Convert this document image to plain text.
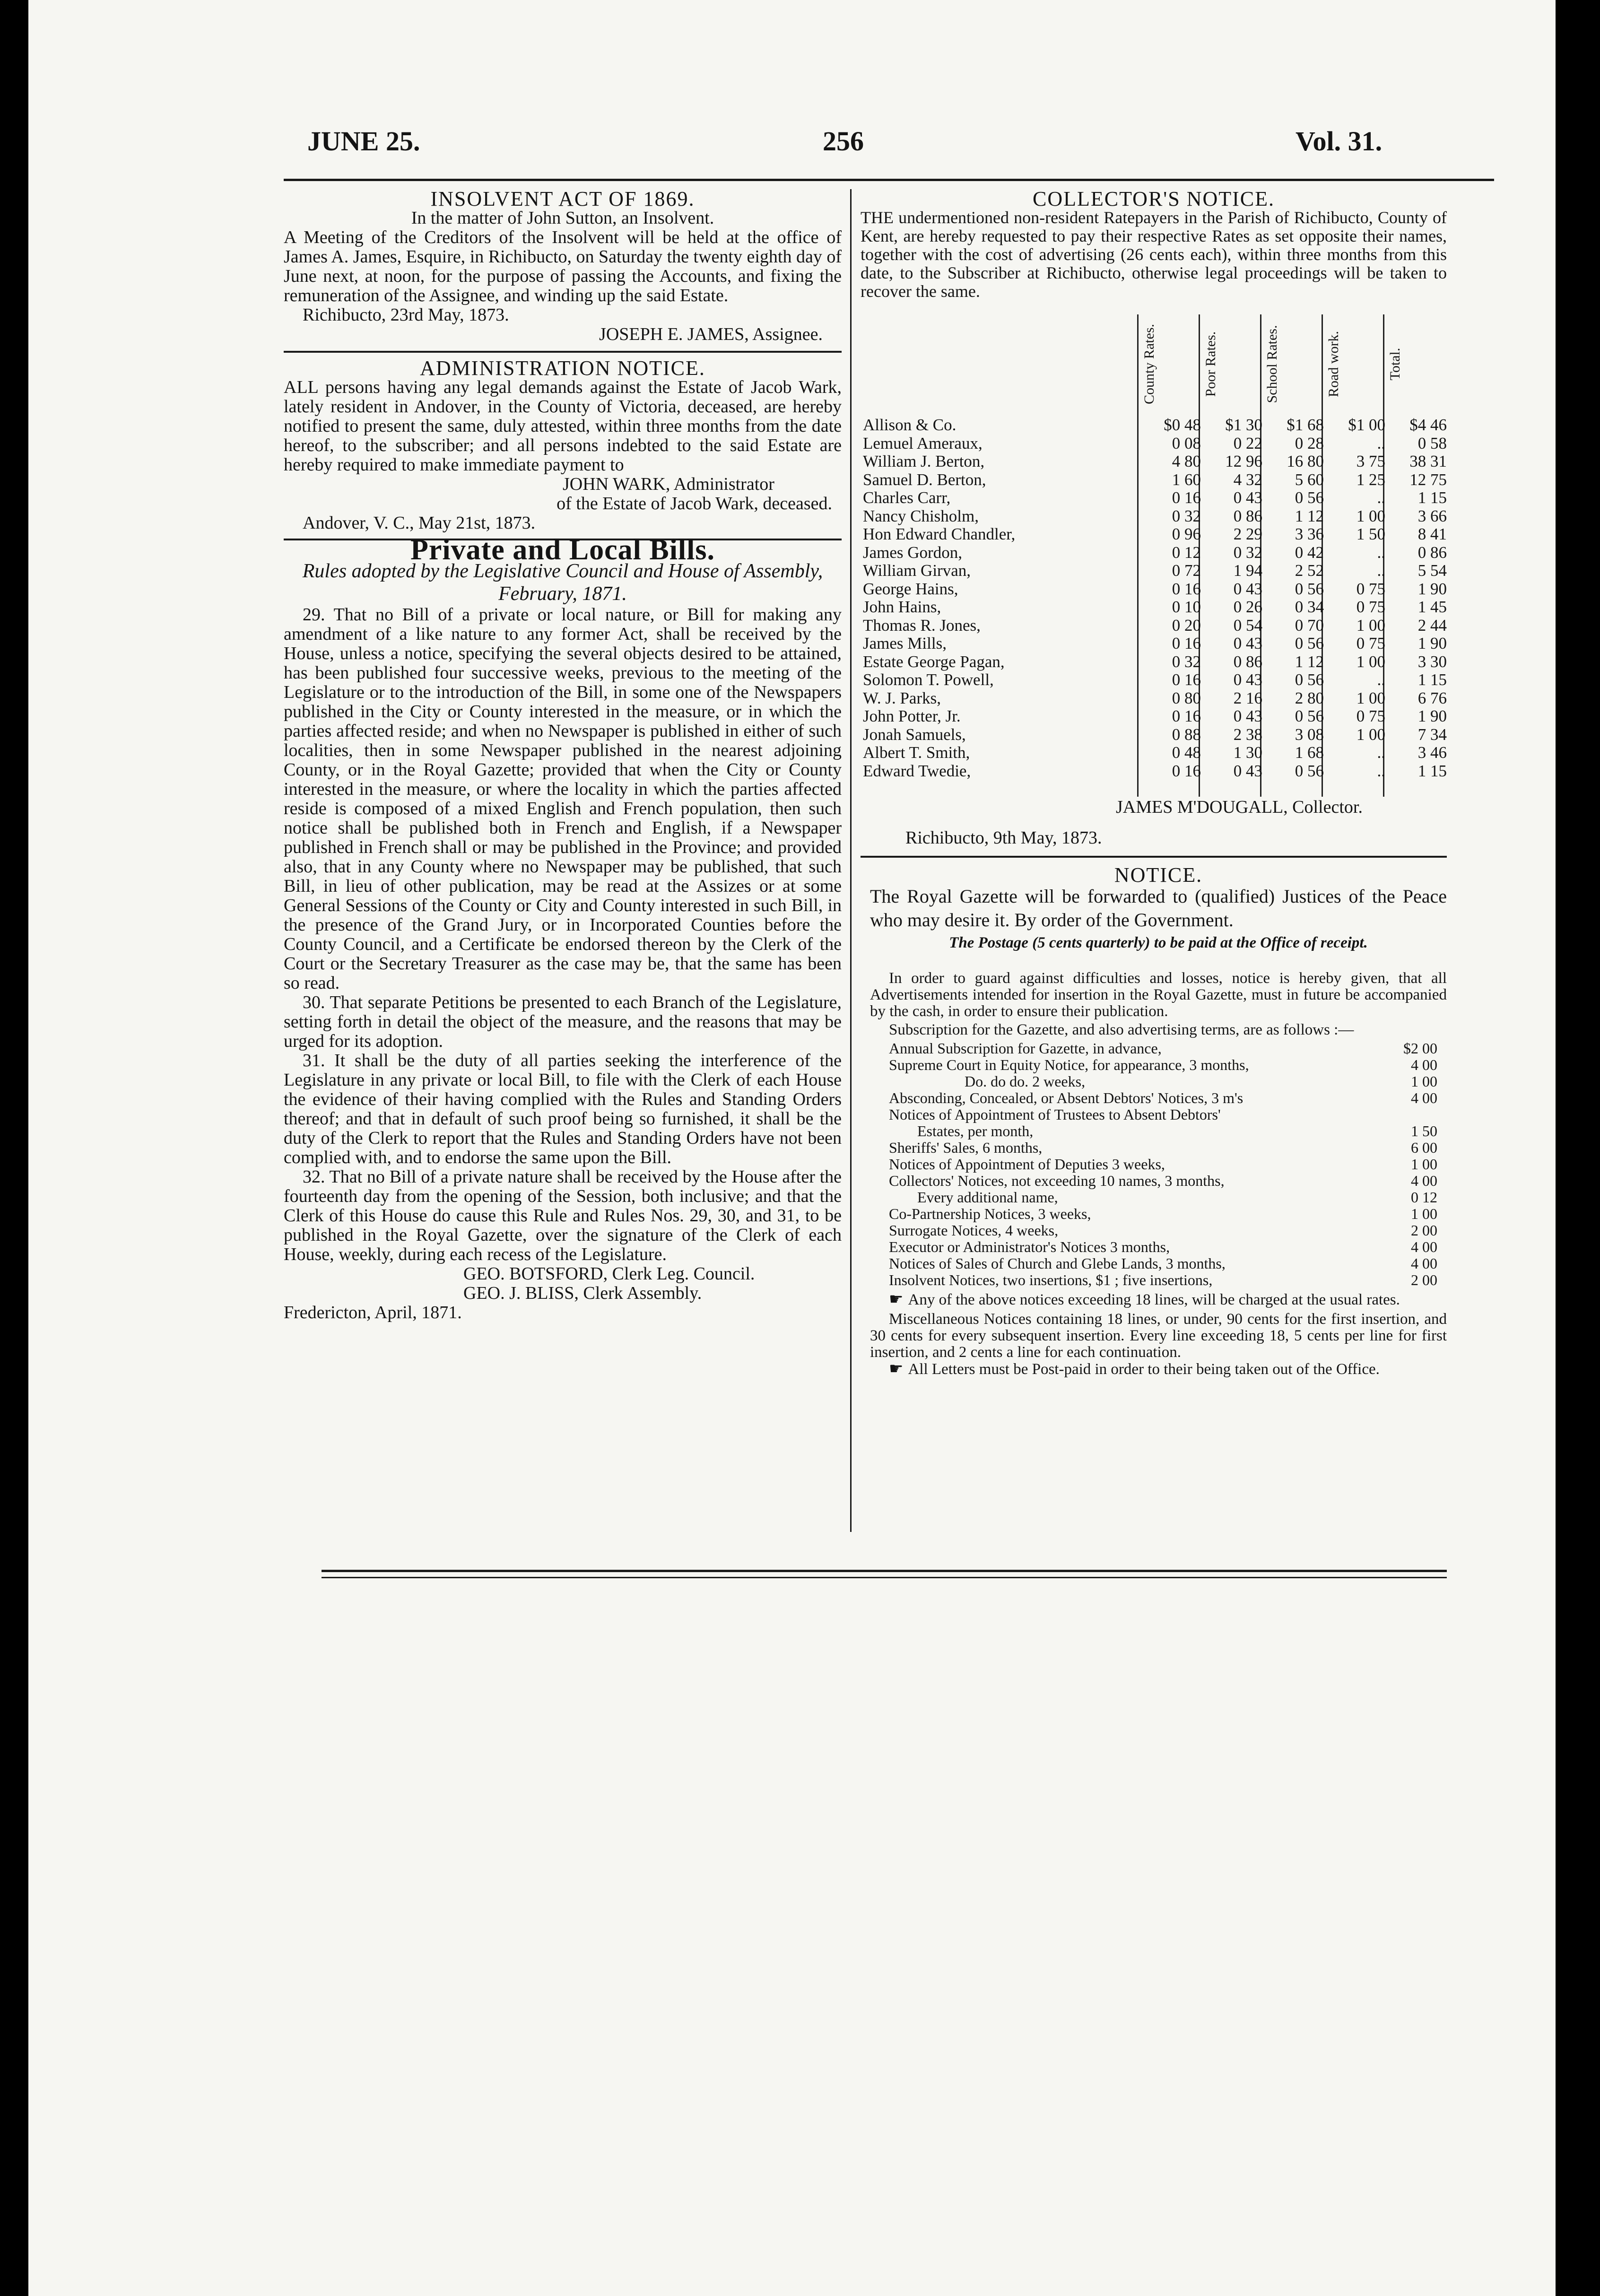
JUNE 25.	256	Vol. 31.

INSOLVENT ACT OF 1869.

In the matter of John Sutton, an Insolvent.

A Meeting of the Creditors of the Insolvent will be held at the office of James A. James, Esquire, in Richibucto, on Saturday the twenty eighth day of June next, at noon, for the purpose of passing the Accounts, and fixing the remuneration of the Assignee, and winding up the said Estate.

Richibucto, 23rd May, 1873.

JOSEPH E. JAMES, Assignee.

ADMINISTRATION NOTICE.

ALL persons having any legal demands against the Estate of Jacob Wark, lately resident in Andover, in the County of Victoria, deceased, are hereby notified to present the same, duly attested, within three months from the date hereof, to the subscriber; and all persons indebted to the said Estate are hereby required to make immediate payment to

JOHN WARK, Administrator

of the Estate of Jacob Wark, deceased.

Andover, V. C., May 21st, 1873.

Private and Local Bills.

Rules adopted by the Legislative Council and House of Assembly, February, 1871.

29. That no Bill of a private or local nature, or Bill for making any amendment of a like nature to any former Act, shall be received by the House, unless a notice, specifying the several objects desired to be attained, has been published four successive weeks, previous to the meeting of the Legislature or to the introduction of the Bill, in some one of the Newspapers published in the City or County interested in the measure, or in which the parties affected reside; and when no Newspaper is published in either of such localities, then in some Newspaper published in the nearest adjoining County, or in the Royal Gazette; provided that when the City or County interested in the measure, or where the locality in which the parties affected reside is composed of a mixed English and French population, then such notice shall be published both in French and English, if a Newspaper published in French shall or may be published in the Province; and provided also, that in any County where no Newspaper may be published, that such Bill, in lieu of other publication, may be read at the Assizes or at some General Sessions of the County or City and County interested in such Bill, in the presence of the Grand Jury, or in Incorporated Counties before the County Council, and a Certificate be endorsed thereon by the Clerk of the Court or the Secretary Treasurer as the case may be, that the same has been so read.

30. That separate Petitions be presented to each Branch of the Legislature, setting forth in detail the object of the measure, and the reasons that may be urged for its adoption.

31. It shall be the duty of all parties seeking the interference of the Legislature in any private or local Bill, to file with the Clerk of each House the evidence of their having complied with the Rules and Standing Orders thereof; and that in default of such proof being so furnished, it shall be the duty of the Clerk to report that the Rules and Standing Orders have not been complied with, and to endorse the same upon the Bill.

32. That no Bill of a private nature shall be received by the House after the fourteenth day from the opening of the Session, both inclusive; and that the Clerk of this House do cause this Rule and Rules Nos. 29, 30, and 31, to be published in the Royal Gazette, over the signature of the Clerk of each House, weekly, during each recess of the Legislature.

GEO. BOTSFORD, Clerk Leg. Council.

GEO. J. BLISS, Clerk Assembly.

Fredericton, April, 1871.

COLLECTOR'S NOTICE.

THE undermentioned non-resident Ratepayers in the Parish of Richibucto, County of Kent, are hereby requested to pay their respective Rates as set opposite their names, together with the cost of advertising (26 cents each), within three months from this date, to the Subscriber at Richibucto, otherwise legal proceedings will be taken to recover the same.

County Rates.	Poor Rates.	School Rates.	Road work.	Total.
Allison & Co.	$0 48	$1 30	$1 68	$1 00	$4 46
Lemuel Ameraux,	0 08	0 22	0 28	..	0 58
William J. Berton,	4 80	12 96	16 80	3 75	38 31
Samuel D. Berton,	1 60	4 32	5 60	1 25	12 75
Charles Carr,	0 16	0 43	0 56	..	1 15
Nancy Chisholm,	0 32	0 86	1 12	1 00	3 66
Hon Edward Chandler,	0 96	2 29	3 36	1 50	8 41
James Gordon,	0 12	0 32	0 42	..	0 86
William Girvan,	0 72	1 94	2 52	..	5 54
George Hains,	0 16	0 43	0 56	0 75	1 90
John Hains,	0 10	0 26	0 34	0 75	1 45
Thomas R. Jones,	0 20	0 54	0 70	1 00	2 44
James Mills,	0 16	0 43	0 56	0 75	1 90
Estate George Pagan,	0 32	0 86	1 12	1 00	3 30
Solomon T. Powell,	0 16	0 43	0 56	..	1 15
W. J. Parks,	0 80	2 16	2 80	1 00	6 76
John Potter, Jr.	0 16	0 43	0 56	0 75	1 90
Jonah Samuels,	0 88	2 38	3 08	1 00	7 34
Albert T. Smith,	0 48	1 30	1 68	..	3 46
Edward Twedie,	0 16	0 43	0 56	..	1 15
JAMES M'DOUGALL, Collector.
Richibucto, 9th May, 1873.

NOTICE.

The Royal Gazette will be forwarded to (qualified) Justices of the Peace who may desire it. By order of the Government.

The Postage (5 cents quarterly) to be paid at the Office of receipt.

In order to guard against difficulties and losses, notice is hereby given, that all Advertisements intended for insertion in the Royal Gazette, must in future be accompanied by the cash, in order to ensure their publication.

Subscription for the Gazette, and also advertising terms, are as follows :—

Annual Subscription for Gazette, in advance,	$2 00
Supreme Court in Equity Notice, for appearance, 3 months,	4 00
Do. do do. 2 weeks,	1 00
Absconding, Concealed, or Absent Debtors' Notices, 3 m's	4 00
Notices of Appointment of Trustees to Absent Debtors'
Estates, per month,	1 50
Sheriffs' Sales, 6 months,	6 00
Notices of Appointment of Deputies 3 weeks,	1 00
Collectors' Notices, not exceeding 10 names, 3 months,	4 00
Every additional name,	0 12
Co-Partnership Notices, 3 weeks,	1 00
Surrogate Notices, 4 weeks,	2 00
Executor or Administrator's Notices 3 months,	4 00
Notices of Sales of Church and Glebe Lands, 3 months,	4 00
Insolvent Notices, two insertions, $1 ; five insertions,	2 00

☛ Any of the above notices exceeding 18 lines, will be charged at the usual rates.

Miscellaneous Notices containing 18 lines, or under, 90 cents for the first insertion, and 30 cents for every subsequent insertion. Every line exceeding 18, 5 cents per line for first insertion, and 2 cents a line for each continuation.

☛ All Letters must be Post-paid in order to their being taken out of the Office.
